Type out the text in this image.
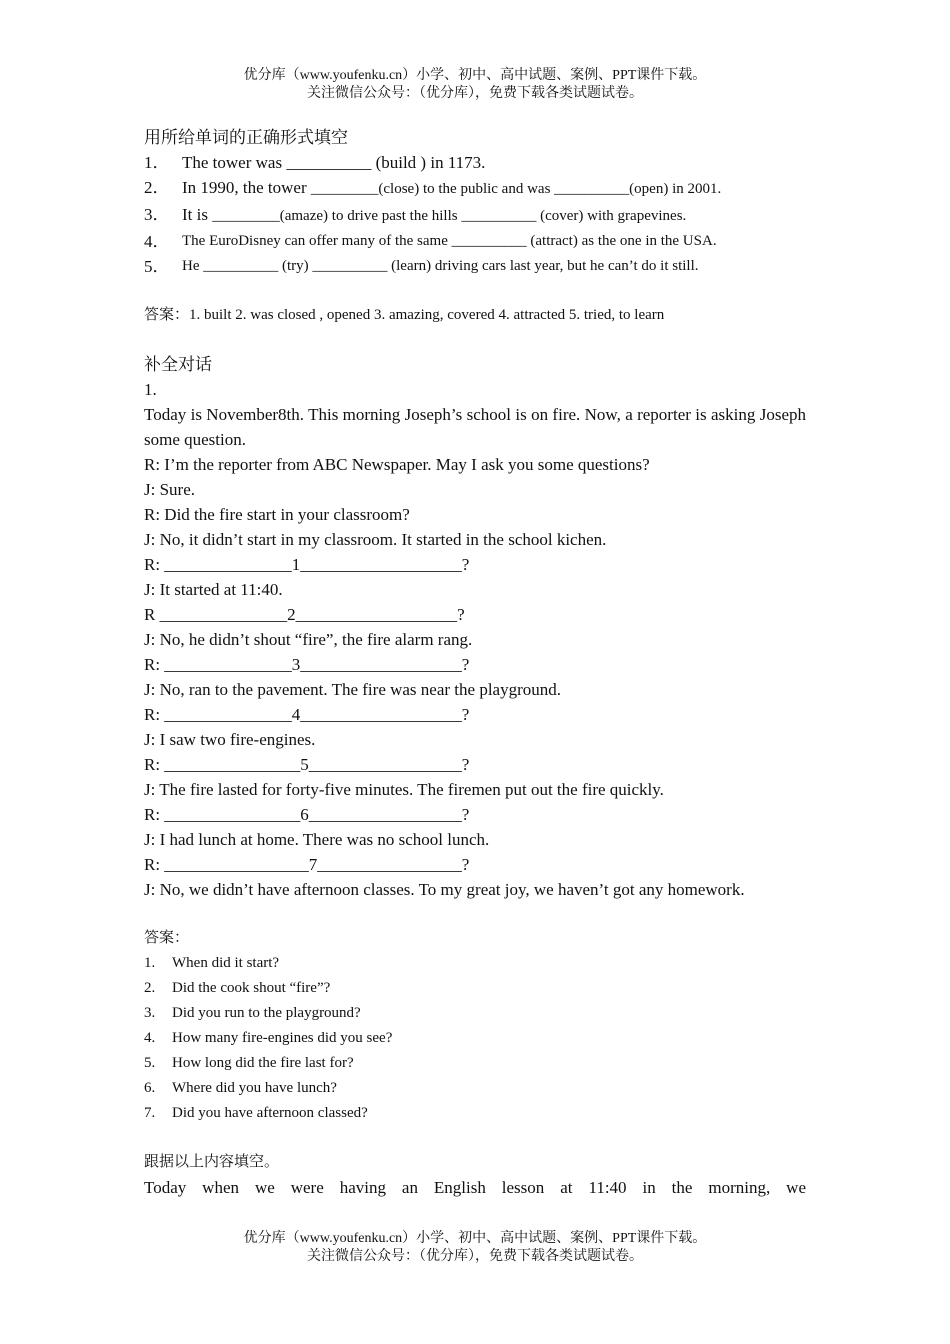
优分库（www.youfenku.cn）小学、初中、高中试题、案例、PPT课件下载。
关注微信公众号：（优分库），免费下载各类试题试卷。
用所给单词的正确形式填空
1． The tower was __________ (build ) in 1173.
2． In 1990, the tower _________(close) to the public and was __________(open) in 2001.
3． It is _________(amaze) to drive past the hills __________ (cover) with grapevines.
4． The EuroDisney can offer many of the same __________ (attract) as the one in the USA.
5． He __________ (try) __________ (learn) driving cars last year, but he can’t do it still.
答案：1. built 2. was closed , opened 3. amazing, covered 4. attracted 5. tried, to learn
补全对话
1.
Today is November8th. This morning Joseph’s school is on fire. Now, a reporter is asking Joseph some question.
R: I’m the reporter from ABC Newspaper. May I ask you some questions?
J: Sure.
R: Did the fire start in your classroom?
J: No, it didn’t start in my classroom. It started in the school kichen.
R: _______________1___________________?
J: It started at 11:40.
R _______________2___________________?
J: No, he didn’t shout “fire”, the fire alarm rang.
R: _______________3___________________?
J: No, ran to the pavement. The fire was near the playground.
R: _______________4___________________?
J: I saw two fire-engines.
R: ________________5__________________?
J: The fire lasted for forty-five minutes. The firemen put out the fire quickly.
R: ________________6__________________?
J: I had lunch at home. There was no school lunch.
R: _________________7_________________?
J: No, we didn’t have afternoon classes. To my great joy, we haven’t got any homework.
答案：
1. When did it start?
2. Did the cook shout “fire”?
3. Did you run to the playground?
4. How many fire-engines did you see?
5. How long did the fire last for?
6. Where did you have lunch?
7. Did you have afternoon classed?
跟据以上内容填空。
Today when we were having an English lesson at 11:40 in the morning, we
优分库（www.youfenku.cn）小学、初中、高中试题、案例、PPT课件下载。
关注微信公众号：（优分库），免费下载各类试题试卷。
